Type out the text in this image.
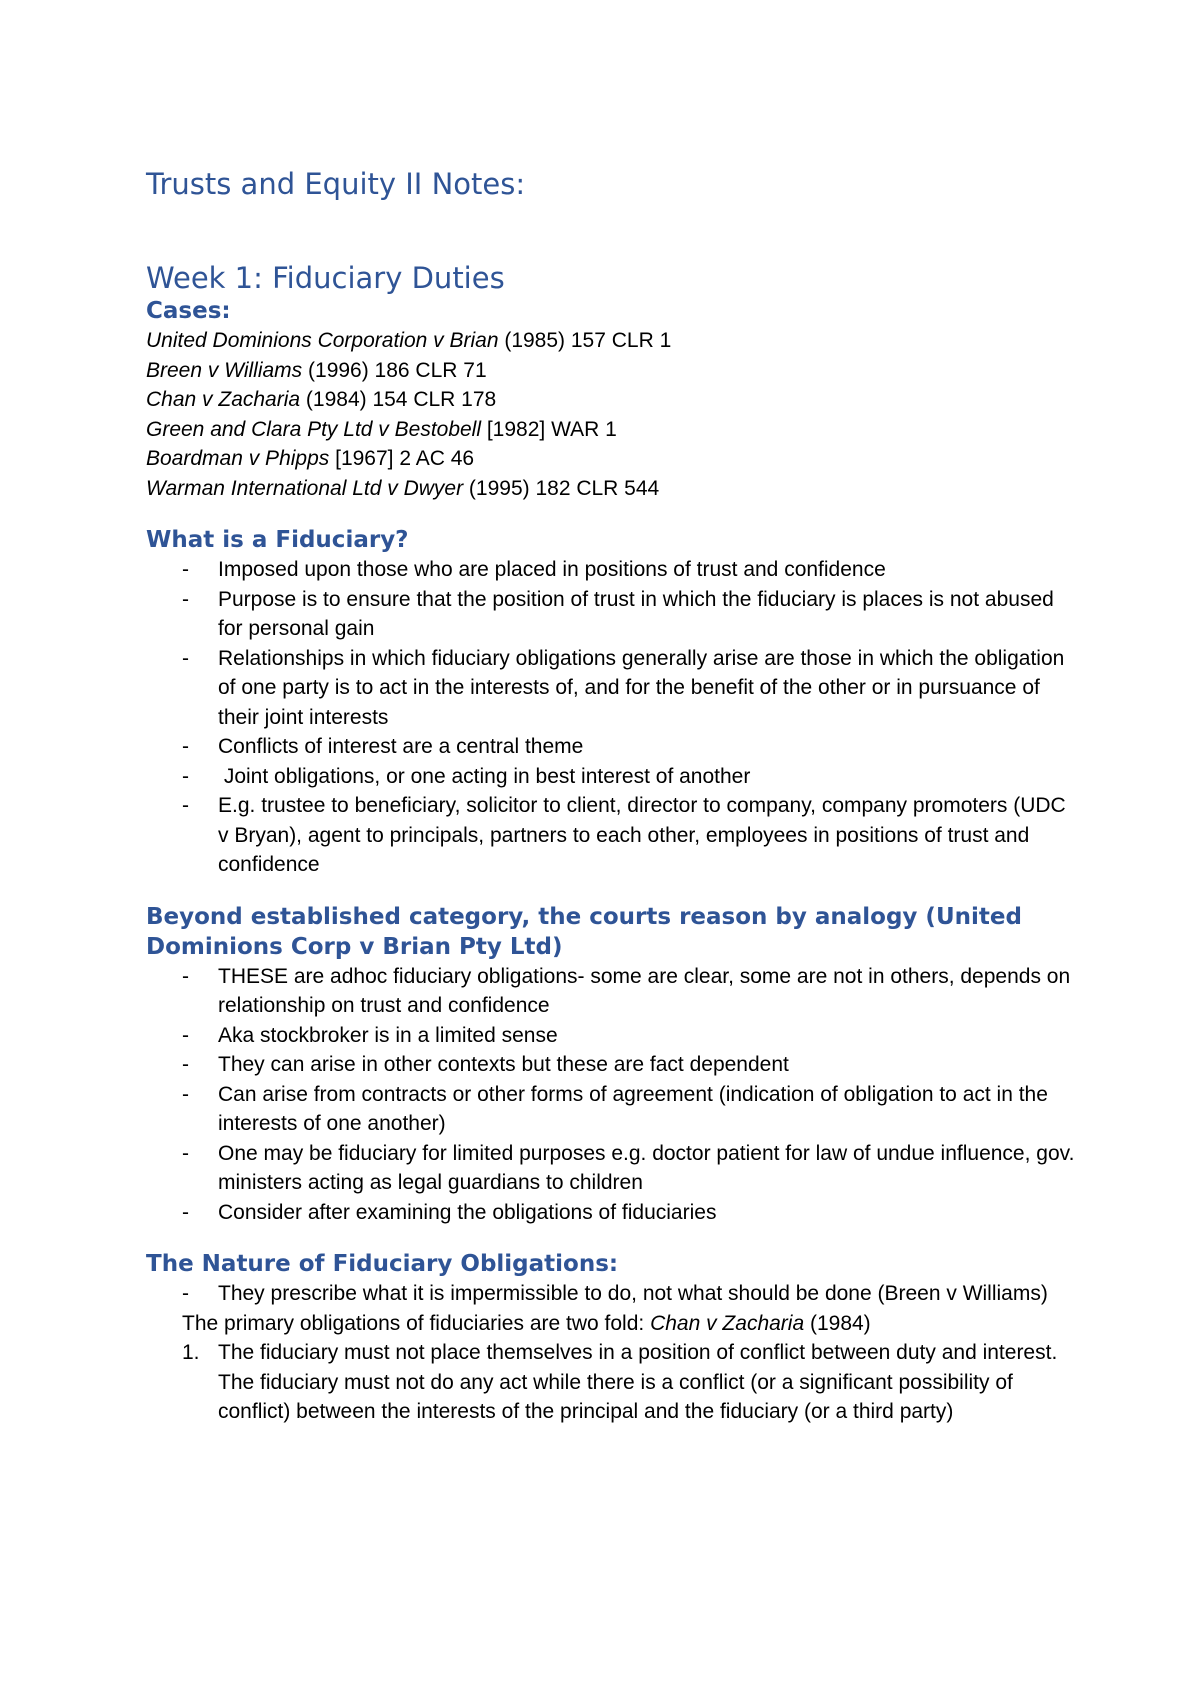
Trusts and Equity II Notes:
Week 1: Fiduciary Duties
Cases:
United Dominions Corporation v Brian (1985) 157 CLR 1
Breen v Williams (1996) 186 CLR 71
Chan v Zacharia (1984) 154 CLR 178
Green and Clara Pty Ltd v Bestobell [1982] WAR 1
Boardman v Phipps [1967] 2 AC 46
Warman International Ltd v Dwyer (1995) 182 CLR 544
What is a Fiduciary?
- Imposed upon those who are placed in positions of trust and confidence
- Purpose is to ensure that the position of trust in which the fiduciary is places is not abused for personal gain
- Relationships in which fiduciary obligations generally arise are those in which the obligation of one party is to act in the interests of, and for the benefit of the other or in pursuance of their joint interests
- Conflicts of interest are a central theme
- Joint obligations, or one acting in best interest of another
- E.g. trustee to beneficiary, solicitor to client, director to company, company promoters (UDC v Bryan), agent to principals, partners to each other, employees in positions of trust and confidence
Beyond established category, the courts reason by analogy (United Dominions Corp v Brian Pty Ltd)
- THESE are adhoc fiduciary obligations- some are clear, some are not in others, depends on relationship on trust and confidence
- Aka stockbroker is in a limited sense
- They can arise in other contexts but these are fact dependent
- Can arise from contracts or other forms of agreement (indication of obligation to act in the interests of one another)
- One may be fiduciary for limited purposes e.g. doctor patient for law of undue influence, gov. ministers acting as legal guardians to children
- Consider after examining the obligations of fiduciaries
The Nature of Fiduciary Obligations:
- They prescribe what it is impermissible to do, not what should be done (Breen v Williams)

The primary obligations of fiduciaries are two fold: Chan v Zacharia (1984)

1. The fiduciary must not place themselves in a position of conflict between duty and interest. The fiduciary must not do any act while there is a conflict (or a significant possibility of conflict) between the interests of the principal and the fiduciary (or a third party)
